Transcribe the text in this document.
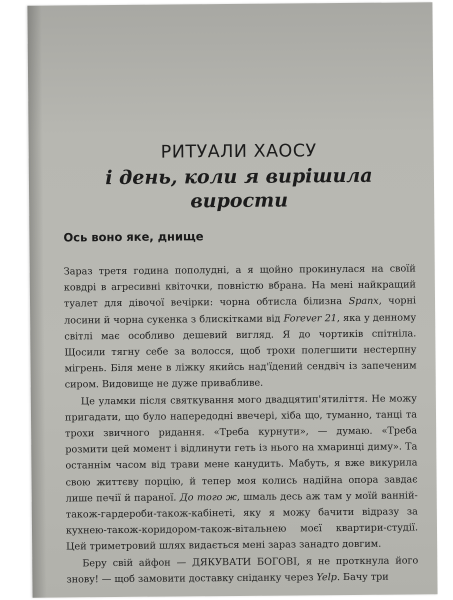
РИТУАЛИ ХАОСУ
і день, коли я вирішила вирости
Ось воно яке, днище

Зараз третя година пополудні, а я щойно прокинулася на своїй ковдрі в агресивні квіточки, повністю вбрана. На мені найкращий туалет для дівочої вечірки: чорна обтисла білизна Spanx, чорні лосини й чорна сукенка з блискітками від Forever 21, яка у денному світлі має особливо дешевий вигляд. Я до чортиків спітніла. Щосили тягну себе за волосся, щоб трохи полегшити нестерпну мігрень. Біля мене в ліжку якийсь над'їдений сендвіч із запеченим сиром. Видовище не дуже привабливе.

Це уламки після святкування мого двадцятип'ятиліття. Не можу пригадати, що було напередодні ввечері, хіба що, туманно, танці та трохи звичного ридання. «Треба курнути», — думаю. «Треба розмити цей момент і відлинути геть із нього на хмаринці диму». Та останнім часом від трави мене канудить. Мабуть, я вже викурила свою життєву порцію, й тепер моя колись надійна опора завдає лише печії й параної. До того ж, шмаль десь аж там у моїй ванній-також-гардероби-також-кабінеті, яку я можу бачити відразу за кухнею-також-коридором-також-вітальнею моєї квартири-студії. Цей триметровий шлях видається мені зараз занадто довгим.

Беру свій айфон — ДЯКУВАТИ БОГОВІ, я не проткнула його знову! — щоб замовити доставку сніданку через Yelp. Бачу три
